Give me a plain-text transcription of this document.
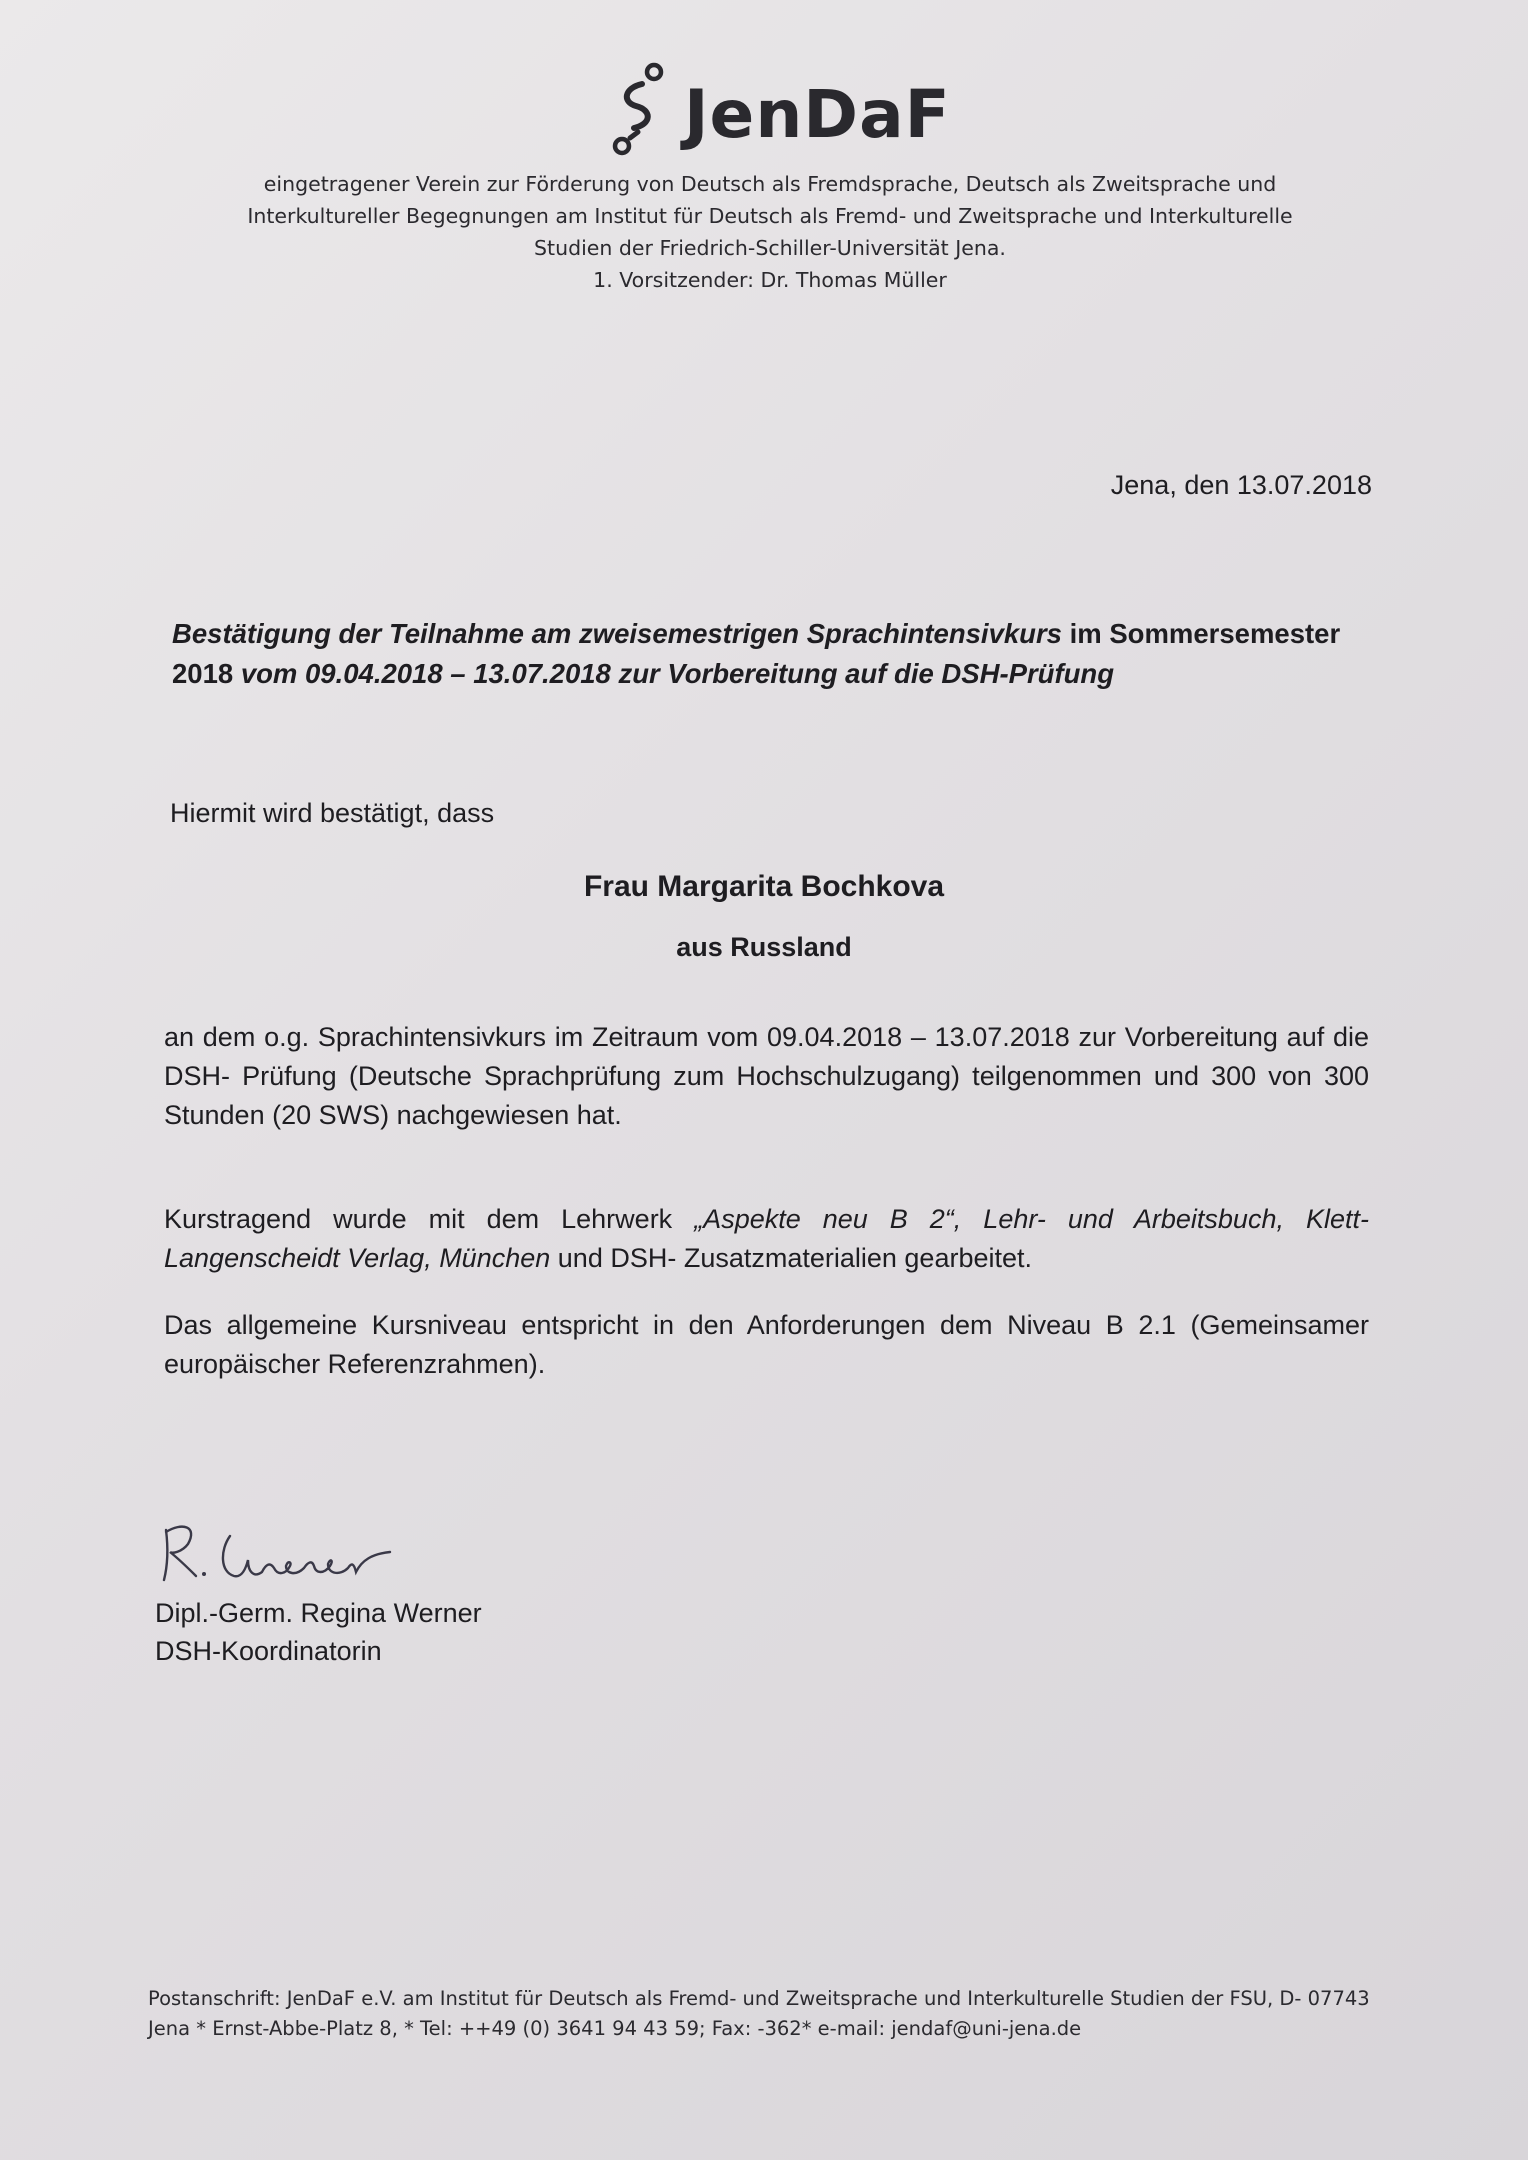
JenDaF
eingetragener Verein zur Förderung von Deutsch als Fremdsprache, Deutsch als Zweitsprache und
Interkultureller Begegnungen am Institut für Deutsch als Fremd- und Zweitsprache und Interkulturelle
Studien der Friedrich-Schiller-Universität Jena.
1. Vorsitzender: Dr. Thomas Müller
Jena, den 13.07.2018
Bestätigung der Teilnahme am zweisemestrigen Sprachintensivkurs im Sommersemester 2018 vom 09.04.2018 – 13.07.2018 zur Vorbereitung auf die DSH-Prüfung
Hiermit wird bestätigt, dass
Frau Margarita Bochkova
aus Russland
an dem o.g. Sprachintensivkurs im Zeitraum vom 09.04.2018 – 13.07.2018 zur Vorbereitung auf die DSH- Prüfung (Deutsche Sprachprüfung zum Hochschulzugang) teilgenommen und 300 von 300 Stunden (20 SWS) nachgewiesen hat.
Kurstragend wurde mit dem Lehrwerk „Aspekte neu B 2“, Lehr- und Arbeitsbuch, Klett-Langenscheidt Verlag, München und DSH- Zusatzmaterialien gearbeitet.
Das allgemeine Kursniveau entspricht in den Anforderungen dem Niveau B 2.1 (Gemeinsamer europäischer Referenzrahmen).
Dipl.-Germ. Regina Werner
DSH-Koordinatorin
Postanschrift: JenDaF e.V. am Institut für Deutsch als Fremd- und Zweitsprache und Interkulturelle Studien der FSU, D- 07743
Jena * Ernst-Abbe-Platz 8, * Tel: ++49 (0) 3641 94 43 59; Fax: -362* e-mail: jendaf@uni-jena.de
